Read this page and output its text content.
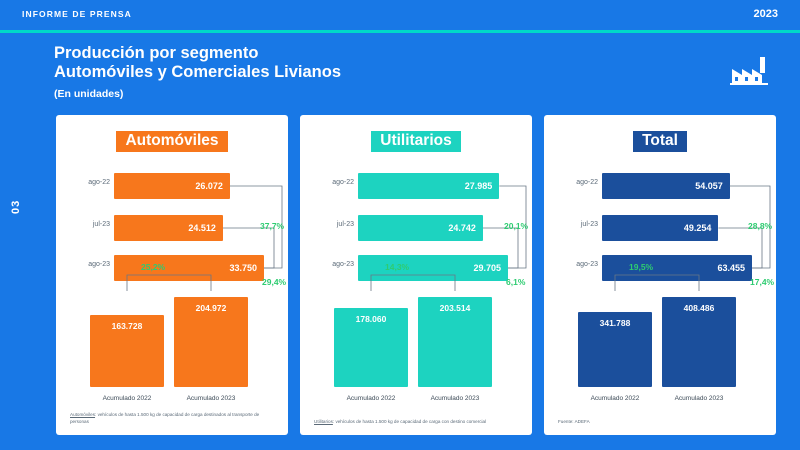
INFORME DE PRENSA	2023
Producción por segmento
Automóviles y Comerciales Livianos
(En unidades)
03
Automóviles
ago-22	26.072
jul-23	24.512
ago-23	33.750
37,7%
29,4%
163.728
Acumulado 2022
204.972
Acumulado 2023
25,2%
Automóviles: vehículos de hasta 1.500 kg de capacidad de carga destinados al transporte de personas
Utilitarios
ago-22	27.985
jul-23	24.742
ago-23	29.705
20,1%
6,1%
178.060
Acumulado 2022
203.514
Acumulado 2023
14,3%
Utilitarios: vehículos de hasta 1.500 kg de capacidad de carga con destino comercial
Total
ago-22	54.057
jul-23	49.254
ago-23	63.455
28,8%
17,4%
341.788
Acumulado 2022
408.486
Acumulado 2023
19,5%
Fuente: ADEFA
